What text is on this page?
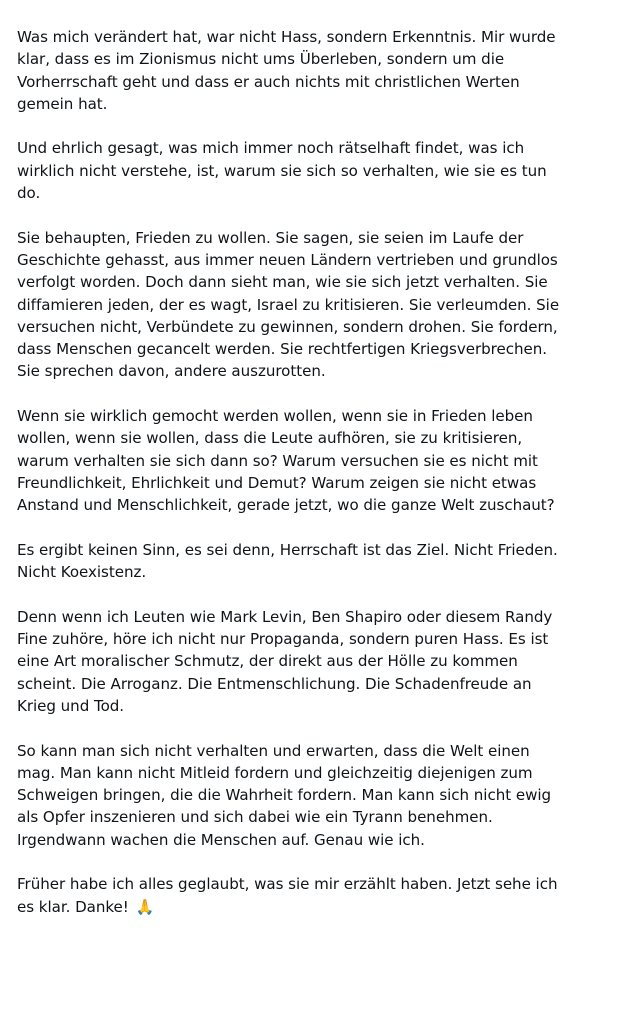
Was mich verändert hat, war nicht Hass, sondern Erkenntnis. Mir wurde
klar, dass es im Zionismus nicht ums Überleben, sondern um die
Vorherrschaft geht und dass er auch nichts mit christlichen Werten
gemein hat.

Und ehrlich gesagt, was mich immer noch rätselhaft findet, was ich
wirklich nicht verstehe, ist, warum sie sich so verhalten, wie sie es tun
do.

Sie behaupten, Frieden zu wollen. Sie sagen, sie seien im Laufe der
Geschichte gehasst, aus immer neuen Ländern vertrieben und grundlos
verfolgt worden. Doch dann sieht man, wie sie sich jetzt verhalten. Sie
diffamieren jeden, der es wagt, Israel zu kritisieren. Sie verleumden. Sie
versuchen nicht, Verbündete zu gewinnen, sondern drohen. Sie fordern,
dass Menschen gecancelt werden. Sie rechtfertigen Kriegsverbrechen.
Sie sprechen davon, andere auszurotten.

Wenn sie wirklich gemocht werden wollen, wenn sie in Frieden leben
wollen, wenn sie wollen, dass die Leute aufhören, sie zu kritisieren,
warum verhalten sie sich dann so? Warum versuchen sie es nicht mit
Freundlichkeit, Ehrlichkeit und Demut? Warum zeigen sie nicht etwas
Anstand und Menschlichkeit, gerade jetzt, wo die ganze Welt zuschaut?

Es ergibt keinen Sinn, es sei denn, Herrschaft ist das Ziel. Nicht Frieden.
Nicht Koexistenz.

Denn wenn ich Leuten wie Mark Levin, Ben Shapiro oder diesem Randy
Fine zuhöre, höre ich nicht nur Propaganda, sondern puren Hass. Es ist
eine Art moralischer Schmutz, der direkt aus der Hölle zu kommen
scheint. Die Arroganz. Die Entmenschlichung. Die Schadenfreude an
Krieg und Tod.

So kann man sich nicht verhalten und erwarten, dass die Welt einen
mag. Man kann nicht Mitleid fordern und gleichzeitig diejenigen zum
Schweigen bringen, die die Wahrheit fordern. Man kann sich nicht ewig
als Opfer inszenieren und sich dabei wie ein Tyrann benehmen.
Irgendwann wachen die Menschen auf. Genau wie ich.

Früher habe ich alles geglaubt, was sie mir erzählt haben. Jetzt sehe ich
es klar. Danke! 🙏
